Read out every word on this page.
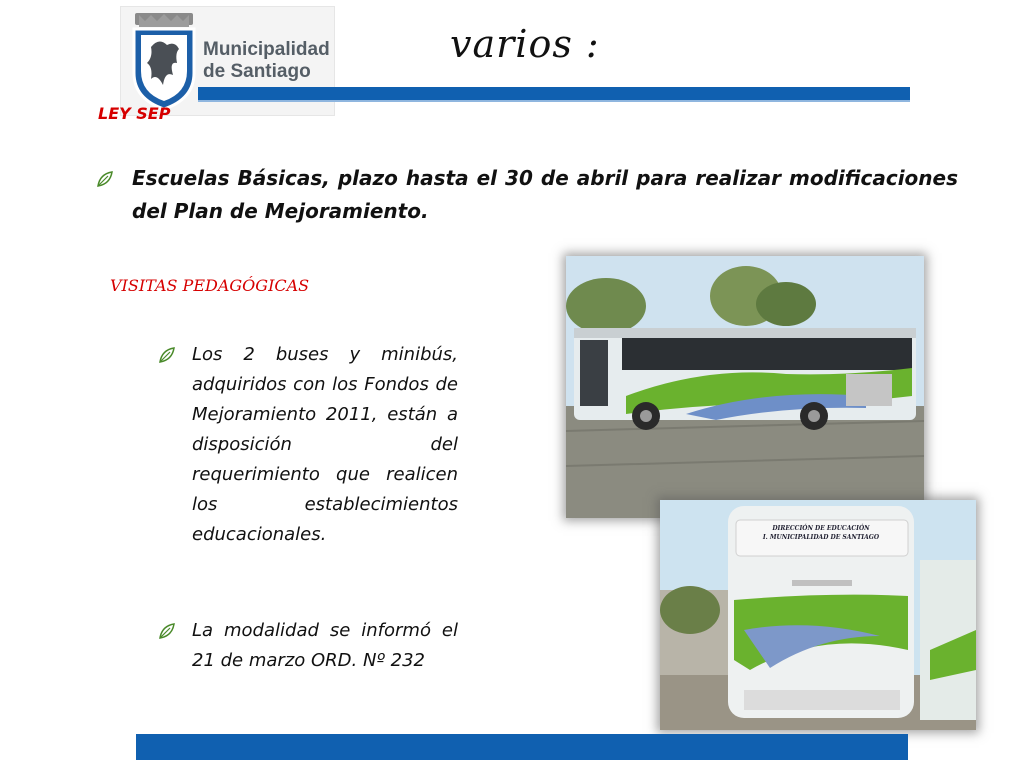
Municipalidad
de Santiago
varios :
LEY SEP
Escuelas Básicas, plazo hasta el 30 de abril para realizar modificaciones del Plan de Mejoramiento.
VISITAS PEDAGÓGICAS
Los 2 buses y minibús, adquiridos con los Fondos de Mejoramiento 2011, están a disposición del requerimiento que realicen los establecimientos educacionales.
La modalidad se informó el 21 de marzo ORD. Nº 232
DIRECCIÓN DE EDUCACIÓN
I. MUNICIPALIDAD DE SANTIAGO
